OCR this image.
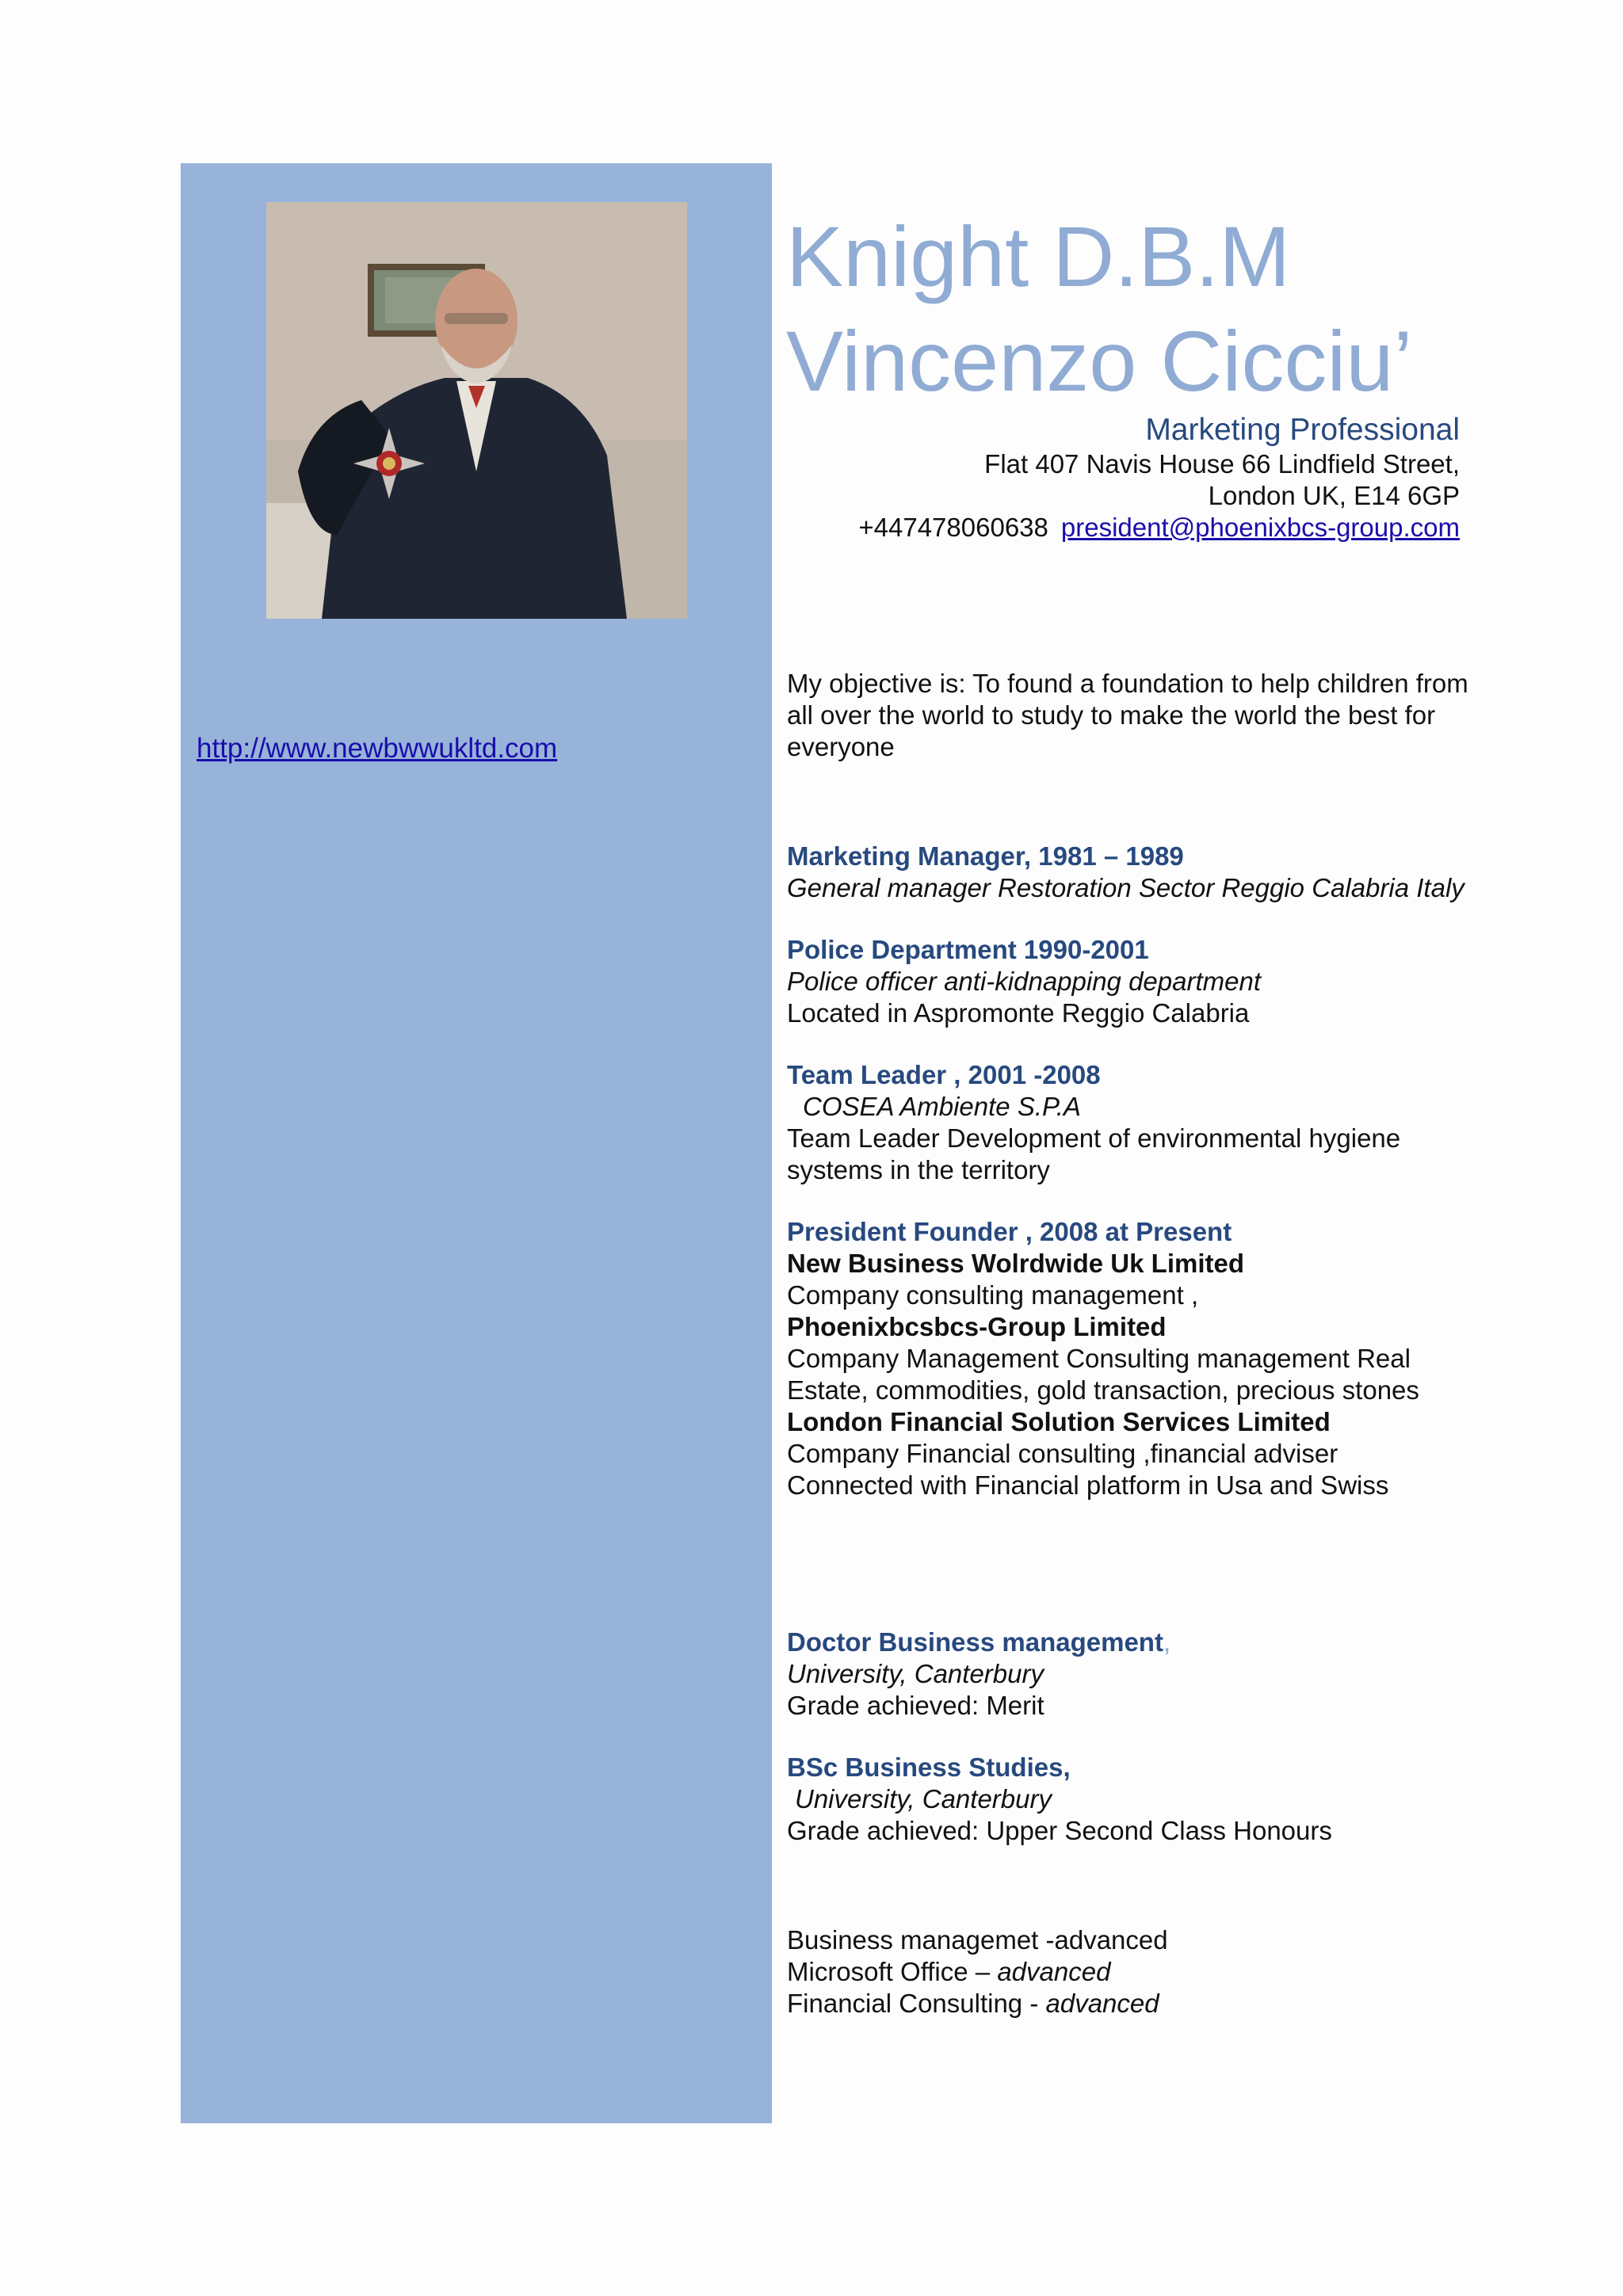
http://www.newbwwukltd.com
Knight D.B.M
Vincenzo Cicciu’
Marketing Professional
Flat 407 Navis House 66 Lindfield Street,
London UK, E14 6GP
+447478060638 president@phoenixbcs-group.com

My objective is: To found a foundation to help children from all over the world to study to make the world the best for everyone

Marketing Manager, 1981 – 1989

General manager Restoration Sector Reggio Calabria Italy

Police Department 1990-2001

Police officer anti-kidnapping department

Located in Aspromonte Reggio Calabria

Team Leader , 2001 -2008

COSEA Ambiente S.P.A

Team Leader Development of environmental hygiene systems in the territory

President Founder , 2008 at Present

New Business Wolrdwide Uk Limited

Company consulting management ,

Phoenixbcsbcs-Group Limited

Company Management Consulting management Real Estate, commodities, gold transaction, precious stones

London Financial Solution Services Limited

Company Financial consulting ,financial adviser

Connected with Financial platform in Usa and Swiss

Doctor Business management,

University, Canterbury

Grade achieved: Merit

BSc Business Studies,

University, Canterbury

Grade achieved: Upper Second Class Honours

Business managemet -advanced

Microsoft Office – advanced

Financial Consulting - advanced
